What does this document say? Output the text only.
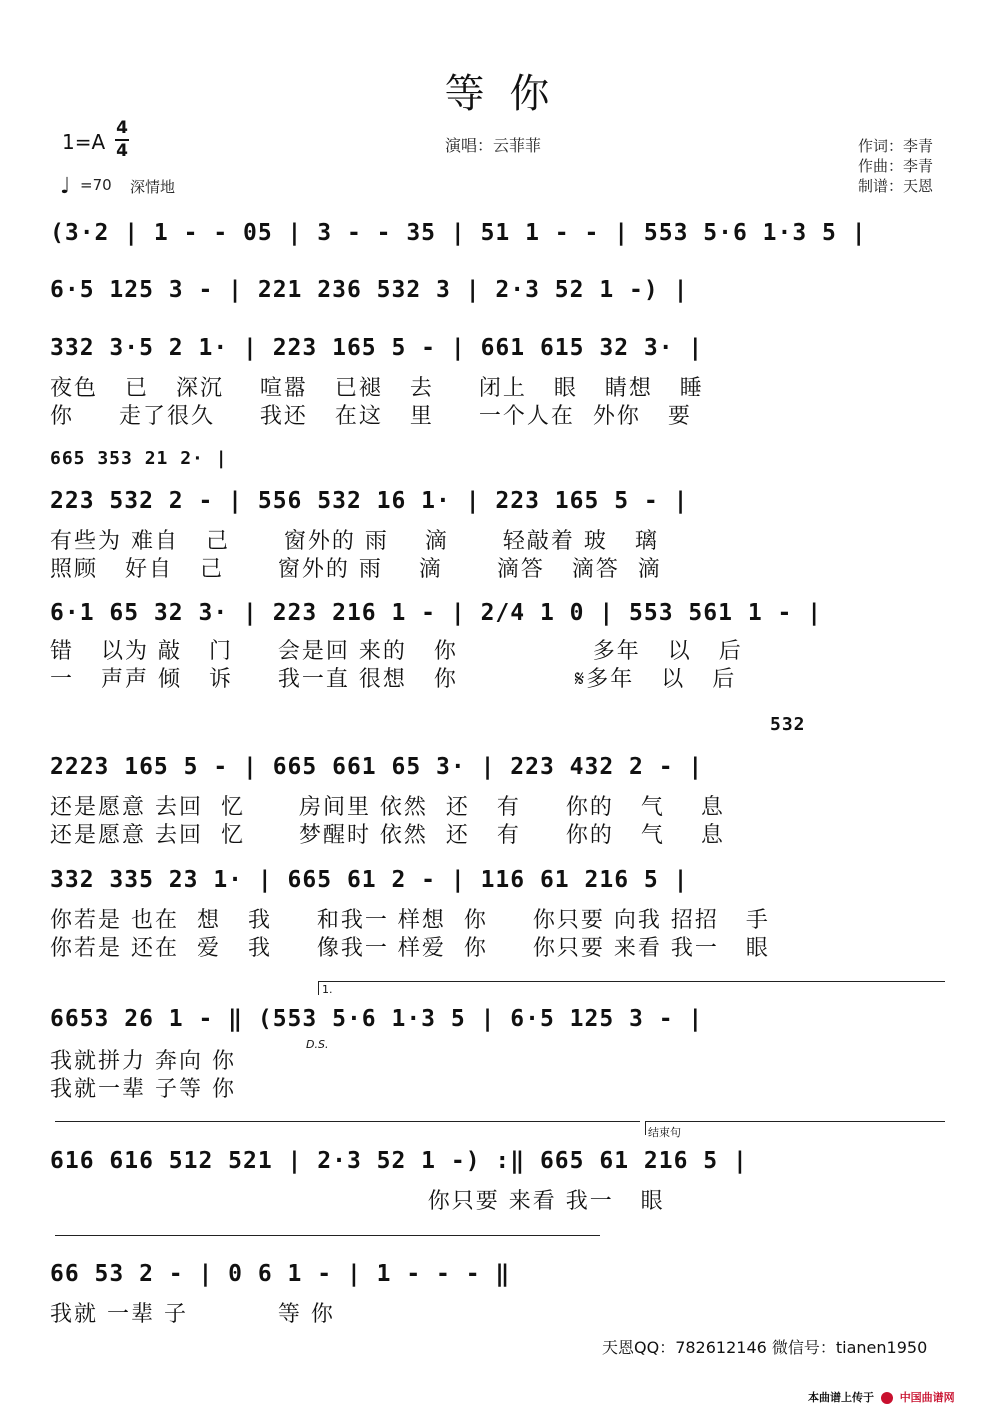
等 你
1=A
4
4
♩ =70 深情地
演唱：云菲菲	作词：李青
作曲：李青
制谱：天恩
(3·2 | 1 - - 05 | 3 - - 35 | 51 1 - - | 553 5·6 1·3 5 |
6·5 125 3 - | 221 236 532 3 | 2·3 52 1 -) |
332 3·5 2 1· | 223 165 5 - | 661 615 32 3· |
夜色   已   深沉    喧嚣   已褪   去     闭上   眼   睛想   睡
你     走了很久     我还   在这   里     一个人在  外你   要
665 353 21 2· |
223 532 2 - | 556 532 16 1· | 223 165 5 - |
有些为 难自   己      窗外的 雨    滴      轻敲着 玻   璃
照顾   好自   己      窗外的 雨    滴      滴答   滴答  滴
6·1 65 32 3· | 223 216 1 - | 2/4 1 0 | 553 561 1 - |
错   以为 敲   门     会是回 来的   你               多年   以   后
一   声声 倾   诉     我一直 很想   你             𝄋多年   以   后
532
2223 165 5 - | 665 661 65 3· | 223 432 2 - |
还是愿意 去回  忆      房间里 依然  还   有     你的   气    息
还是愿意 去回  忆      梦醒时 依然  还   有     你的   气    息
332 335 23 1· | 665 61 2 - | 116 61 216 5 |
你若是 也在  想   我     和我一 样想  你     你只要 向我 招招   手
你若是 还在  爱   我     像我一 样爱  你     你只要 来看 我一   眼
1.
6653 26 1 - ‖ (553 5·6 1·3 5 | 6·5 125 3 - |
D.S.
我就拼力 奔向 你
我就一辈 子等 你
结束句
616 616 512 521 | 2·3 52 1 -) :‖ 665 61 216 5 |
你只要 来看 我一   眼
66 53 2 - | 0 6 1 - | 1 - - - ‖
我就 一辈 子          等 你
天恩QQ：782612146 微信号：tianen1950
本曲谱上传于 中国曲谱网
